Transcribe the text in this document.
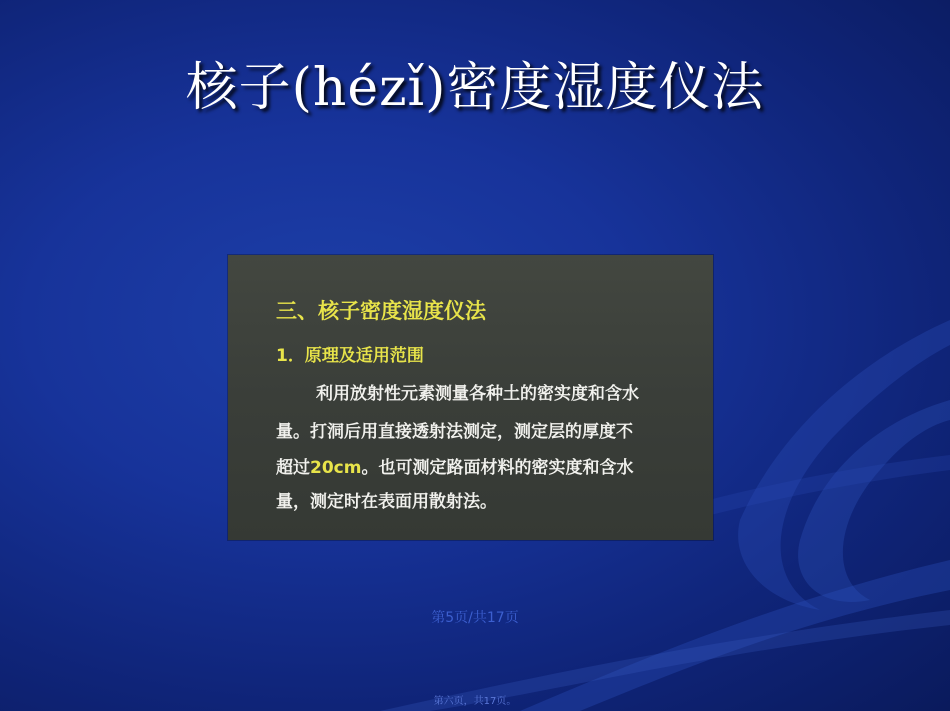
核子(hézǐ)密度湿度仪法
三、核子密度湿度仪法
1．原理及适用范围
利用放射性元素测量各种土的密实度和含水
量。打洞后用直接透射法测定，测定层的厚度不
超过20cm。也可测定路面材料的密实度和含水
量，测定时在表面用散射法。
第5页/共17页
第六页，共17页。
